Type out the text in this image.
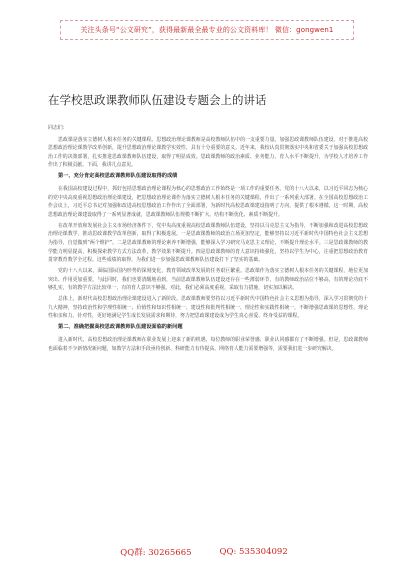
关注头条号“公文研究”，获得最新最全最专业的公文资料库！ 微信：gongwen1
在学校思政课教师队伍建设专题会上的讲话

同志们：

思政课是落实立德树人根本任务的关键课程。思想政治理论课教师是高校教师队伍中的一支重要力量。加强思政课教师队伍建设，对于推进高校思想政治理论课教学改革创新，提升思想政治理论课教学实效性，具有十分重要的意义。近年来，我校认真贯彻落实中央和省委关于加强高校思想政治工作的决策部署，扎实推进思政课教师队伍建设，取得了明显成效。思政课教师的政治素质、业务能力、育人水平不断提升，为学校人才培养工作作出了积极贡献。下面，我讲几点意见。

第一、充分肯定高校思政课教师队伍建设取得的成绩

在我国高校建设过程中，抓好包括思想政治理论课程为核心的思想政治工作始终是一项工作的重要任务。党的十八大以来，以习近平同志为核心的党中央高度重视思想政治理论课建设，把思想政治理论课作为落实立德树人根本任务的关键课程，作出了一系列重大部署。在全国高校思想政治工作会议上，习近平总书记对加强和改进高校思想政治工作作出了全面部署，为新时代高校思政课建设指明了方向，提供了根本遵循。这一时期，高校思想政治理论课建设取得了一系列显著成就，思政课教师队伍规模不断扩大、结构不断优化、素质不断提升。

在改革开放和发展社会主义市场经济条件下，党中央高度重视高校思政课教师队伍建设，坚持以马克思主义为指导，不断加强和改进高校思想政治理论课教学，推动思政课教学改革创新，取得了积极进展。一是思政课教师的政治立场更加坚定，能够坚持以习近平新时代中国特色社会主义思想为指导，自觉做到“两个维护”。二是思政课教师的理论素养不断增强，能够深入学习研究马克思主义理论，不断提升理论水平。三是思政课教师的教学能力明显提高，积极探索教学方式方法改革，教学效果不断提升。四是思政课教师的育人意识持续强化，坚持以学生为中心，注重把思想政治教育贯穿教育教学全过程。这些成绩的取得，为我们进一步加强思政课教师队伍建设打下了坚实的基础。

党的十八大以来，面临国际国内形势的深刻变化，教育领域改革发展的任务艰巨繁重。思政课作为落实立德树人根本任务的关键课程，地位更加突出、作用更加重要。与此同时，我们也要清醒地看到，当前思政课教师队伍建设还存在一些薄弱环节，有的教师政治站位不够高，有的理论功底不够扎实，有的教学方法比较单一，有的育人意识不够强。对此，我们必须高度重视，采取有力措施，切实加以解决。

总体上，新时代高校思想政治理论课建设进入了新阶段。思政课教师要坚持以习近平新时代中国特色社会主义思想为指导，深入学习贯彻党的十九大精神，坚持政治性和学理性相统一、价值性和知识性相统一、建设性和批判性相统一、理论性和实践性相统一，不断增强思政课的思想性、理论性和亲和力、针对性，更好地满足学生成长发展需求和期待，努力把思政课建设成为学生真心喜爱、终身受益的课程。

第二、准确把握高校思政课教师队伍建设面临的新问题

进入新时代，高校思想政治理论课教师在职业发展上迎来了新的机遇，每位教师的职业荣誉感、职业认同感都有了不断增强。但是，思政课教师也面临着不少新情况新问题，如教学方法和手段亟待创新、科研能力有待提高、网络育人能力需要增强等，需要我们进一步研究解决。

QQ群: 30265665	QQ: 535304092
